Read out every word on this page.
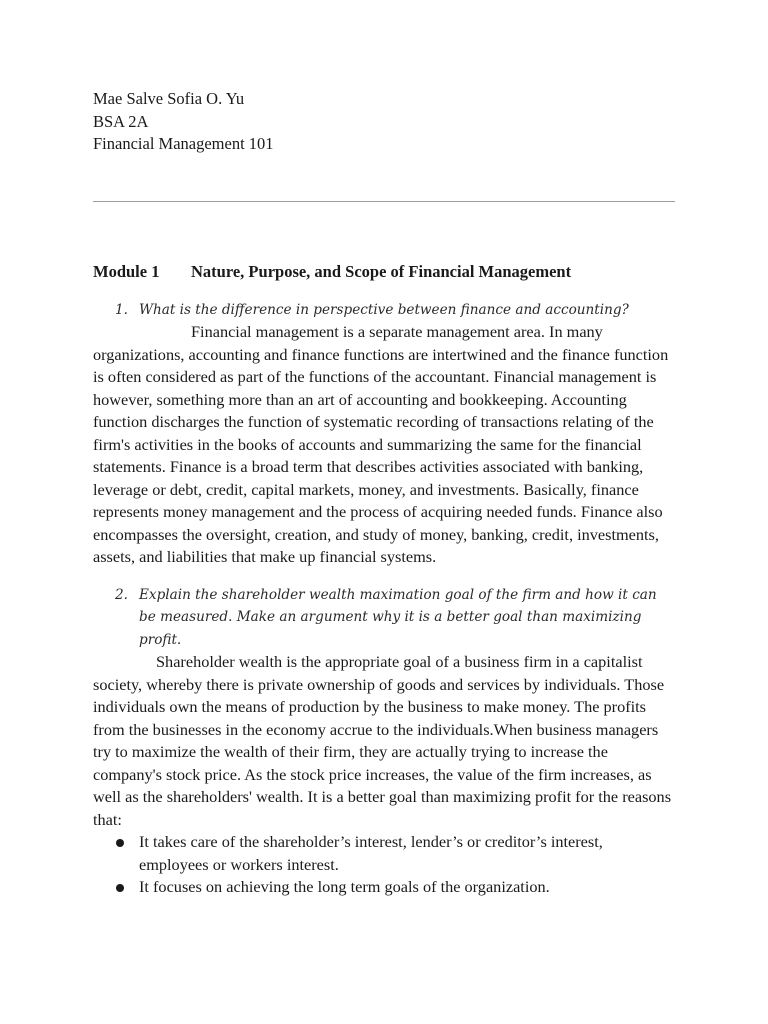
Mae Salve Sofia O. Yu

BSA 2A

Financial Management 101

Module 1 Nature, Purpose, and Scope of Financial Management

1. What is the difference in perspective between finance and accounting?

Financial management is a separate management area. In many organizations, accounting and finance functions are intertwined and the finance function is often considered as part of the functions of the accountant. Financial management is however, something more than an art of accounting and bookkeeping. Accounting function discharges the function of systematic recording of transactions relating of the firm's activities in the books of accounts and summarizing the same for the financial statements. Finance is a broad term that describes activities associated with banking, leverage or debt, credit, capital markets, money, and investments. Basically, finance represents money management and the process of acquiring needed funds. Finance also encompasses the oversight, creation, and study of money, banking, credit, investments, assets, and liabilities that make up financial systems.

2. Explain the shareholder wealth maximation goal of the firm and how it can be measured. Make an argument why it is a better goal than maximizing profit.

Shareholder wealth is the appropriate goal of a business firm in a capitalist society, whereby there is private ownership of goods and services by individuals. Those individuals own the means of production by the business to make money. The profits from the businesses in the economy accrue to the individuals.When business managers try to maximize the wealth of their firm, they are actually trying to increase the company's stock price. As the stock price increases, the value of the firm increases, as well as the shareholders' wealth. It is a better goal than maximizing profit for the reasons that:

It takes care of the shareholder’s interest, lender’s or creditor’s interest, employees or workers interest.
It focuses on achieving the long term goals of the organization.
